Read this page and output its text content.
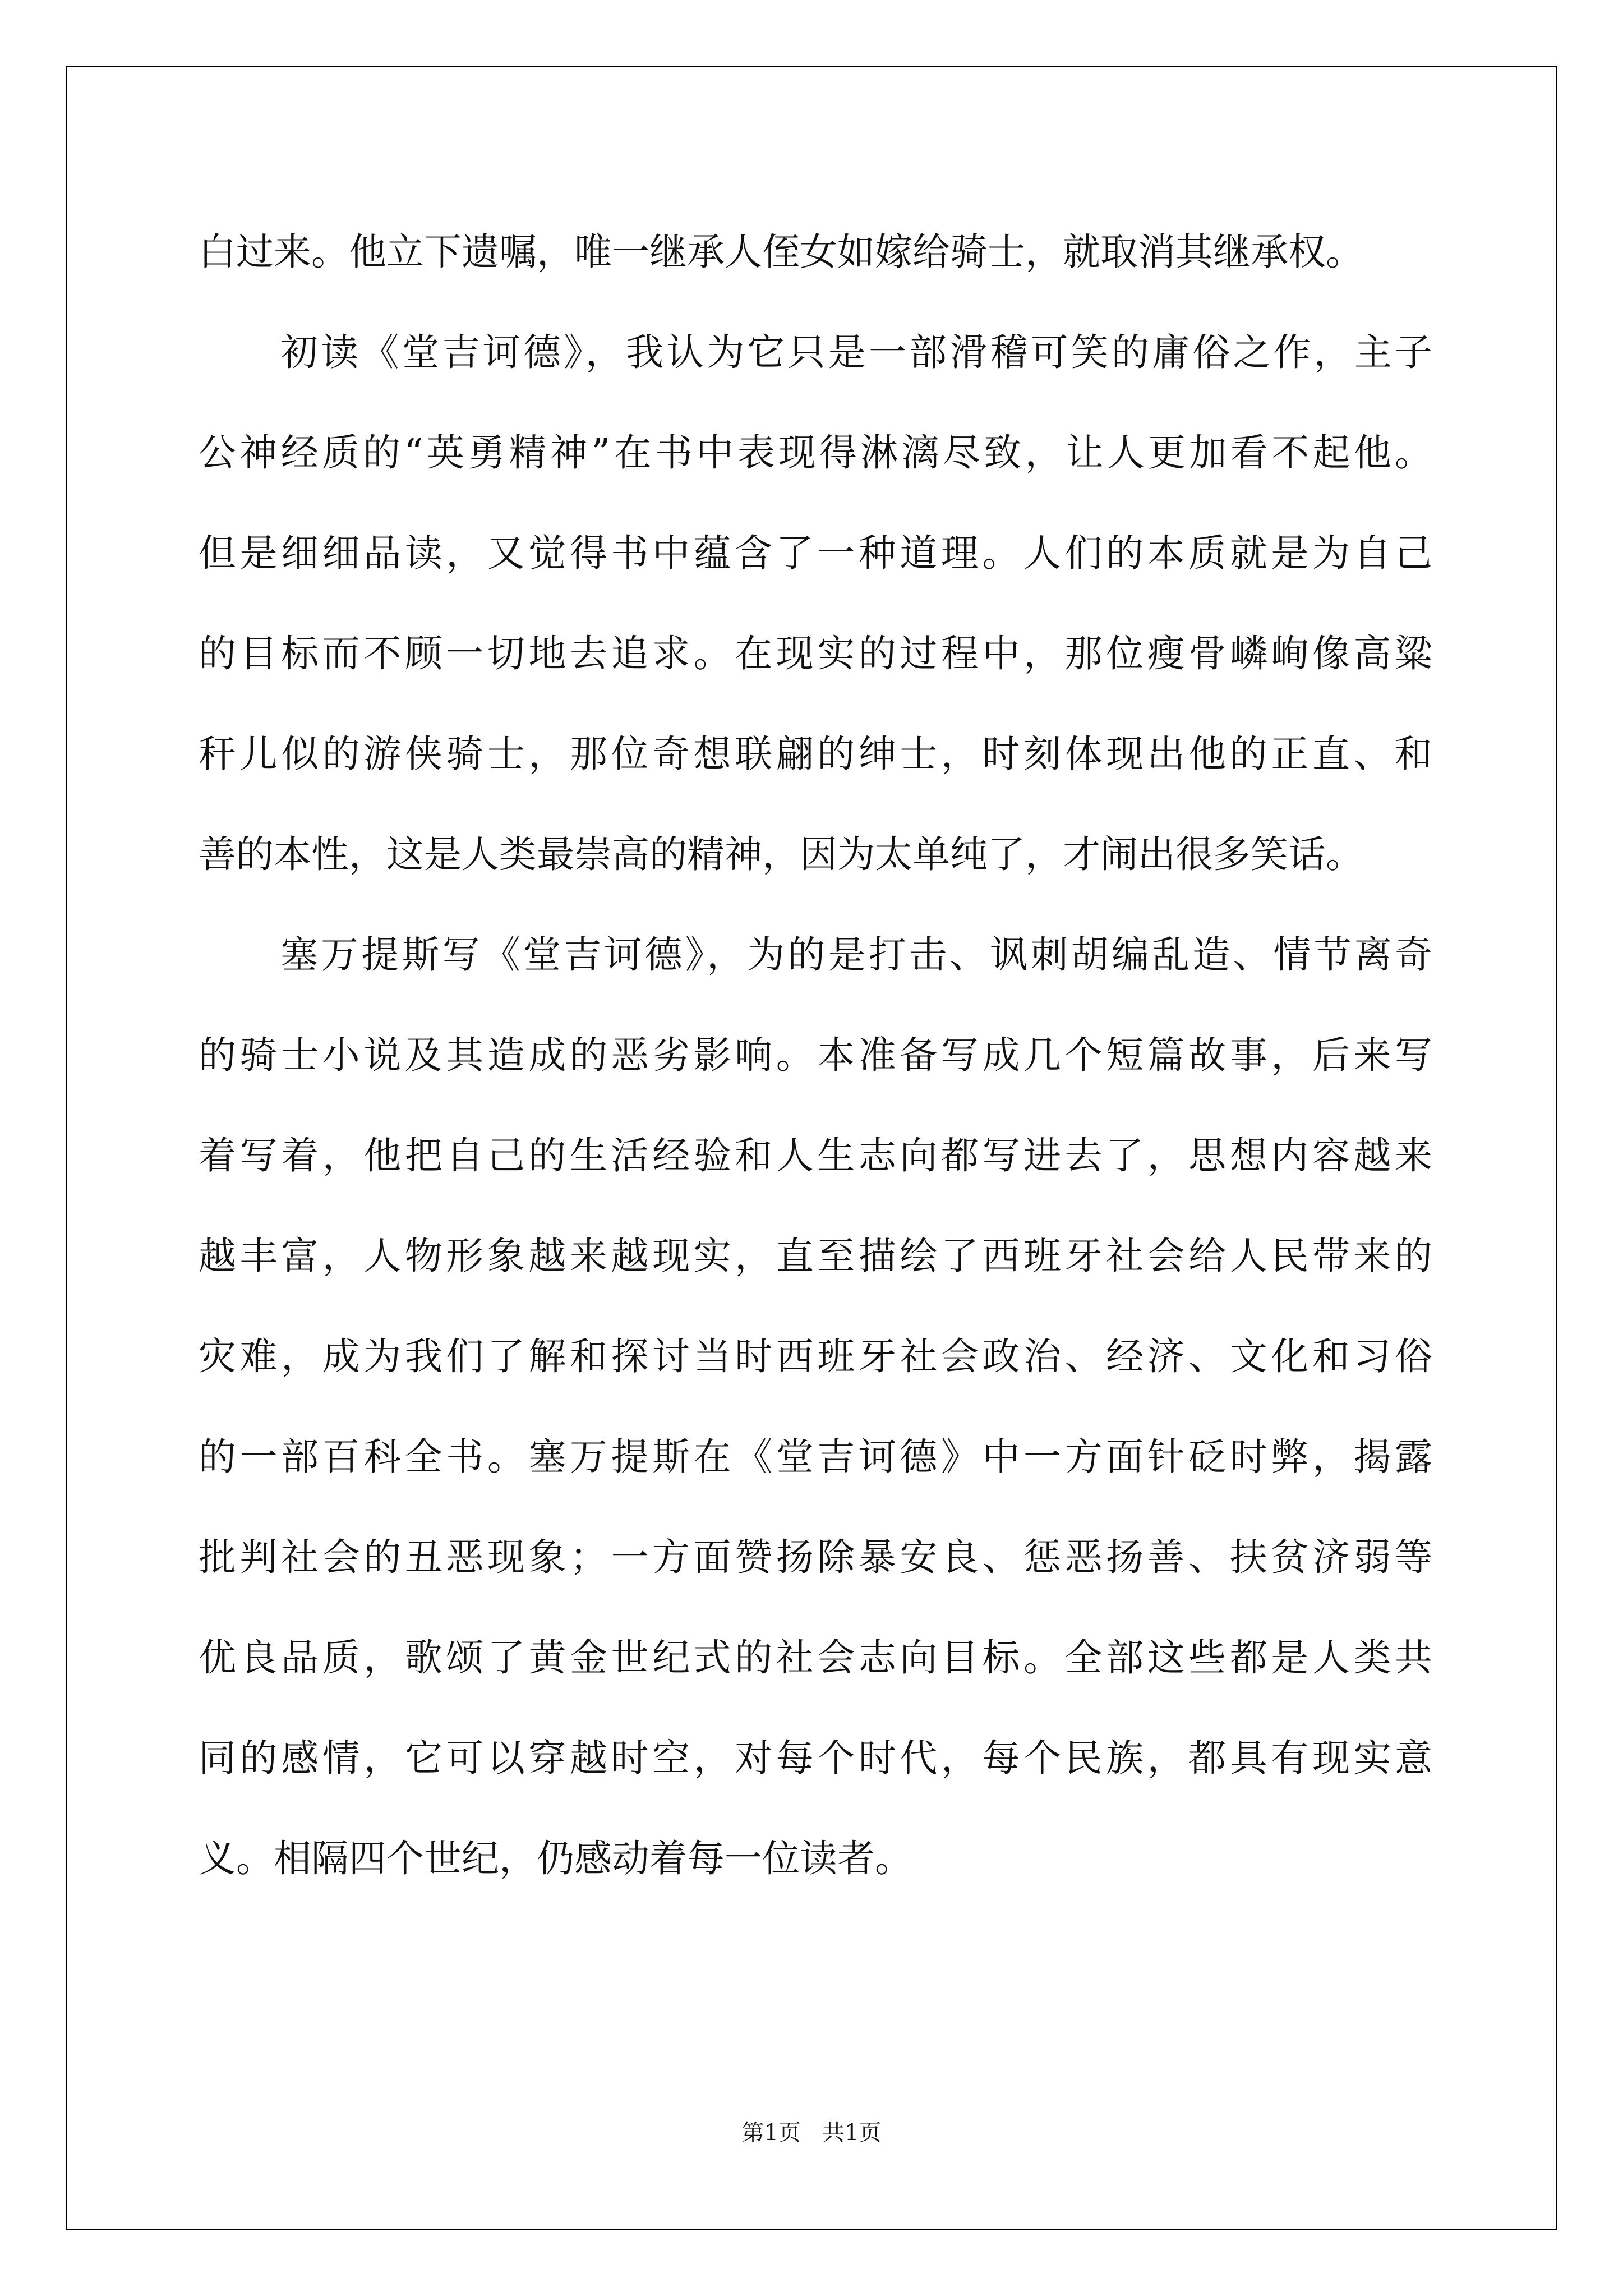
白过来。他立下遗嘱，唯一继承人侄女如嫁给骑士，就取消其继承权。
初读《堂吉诃德》，我认为它只是一部滑稽可笑的庸俗之作，主子
公神经质的“英勇精神”在书中表现得淋漓尽致，让人更加看不起他。
但是细细品读，又觉得书中蕴含了一种道理。人们的本质就是为自己
的目标而不顾一切地去追求。在现实的过程中，那位瘦骨嶙峋像高粱
秆儿似的游侠骑士，那位奇想联翩的绅士，时刻体现出他的正直、和
善的本性，这是人类最崇高的精神，因为太单纯了，才闹出很多笑话。
塞万提斯写《堂吉诃德》，为的是打击、讽刺胡编乱造、情节离奇
的骑士小说及其造成的恶劣影响。本准备写成几个短篇故事，后来写
着写着，他把自己的生活经验和人生志向都写进去了，思想内容越来
越丰富，人物形象越来越现实，直至描绘了西班牙社会给人民带来的
灾难，成为我们了解和探讨当时西班牙社会政治、经济、文化和习俗
的一部百科全书。塞万提斯在《堂吉诃德》中一方面针砭时弊，揭露
批判社会的丑恶现象；一方面赞扬除暴安良、惩恶扬善、扶贫济弱等
优良品质，歌颂了黄金世纪式的社会志向目标。全部这些都是人类共
同的感情，它可以穿越时空，对每个时代，每个民族，都具有现实意
义。相隔四个世纪，仍感动着每一位读者。
第1页   共1页
